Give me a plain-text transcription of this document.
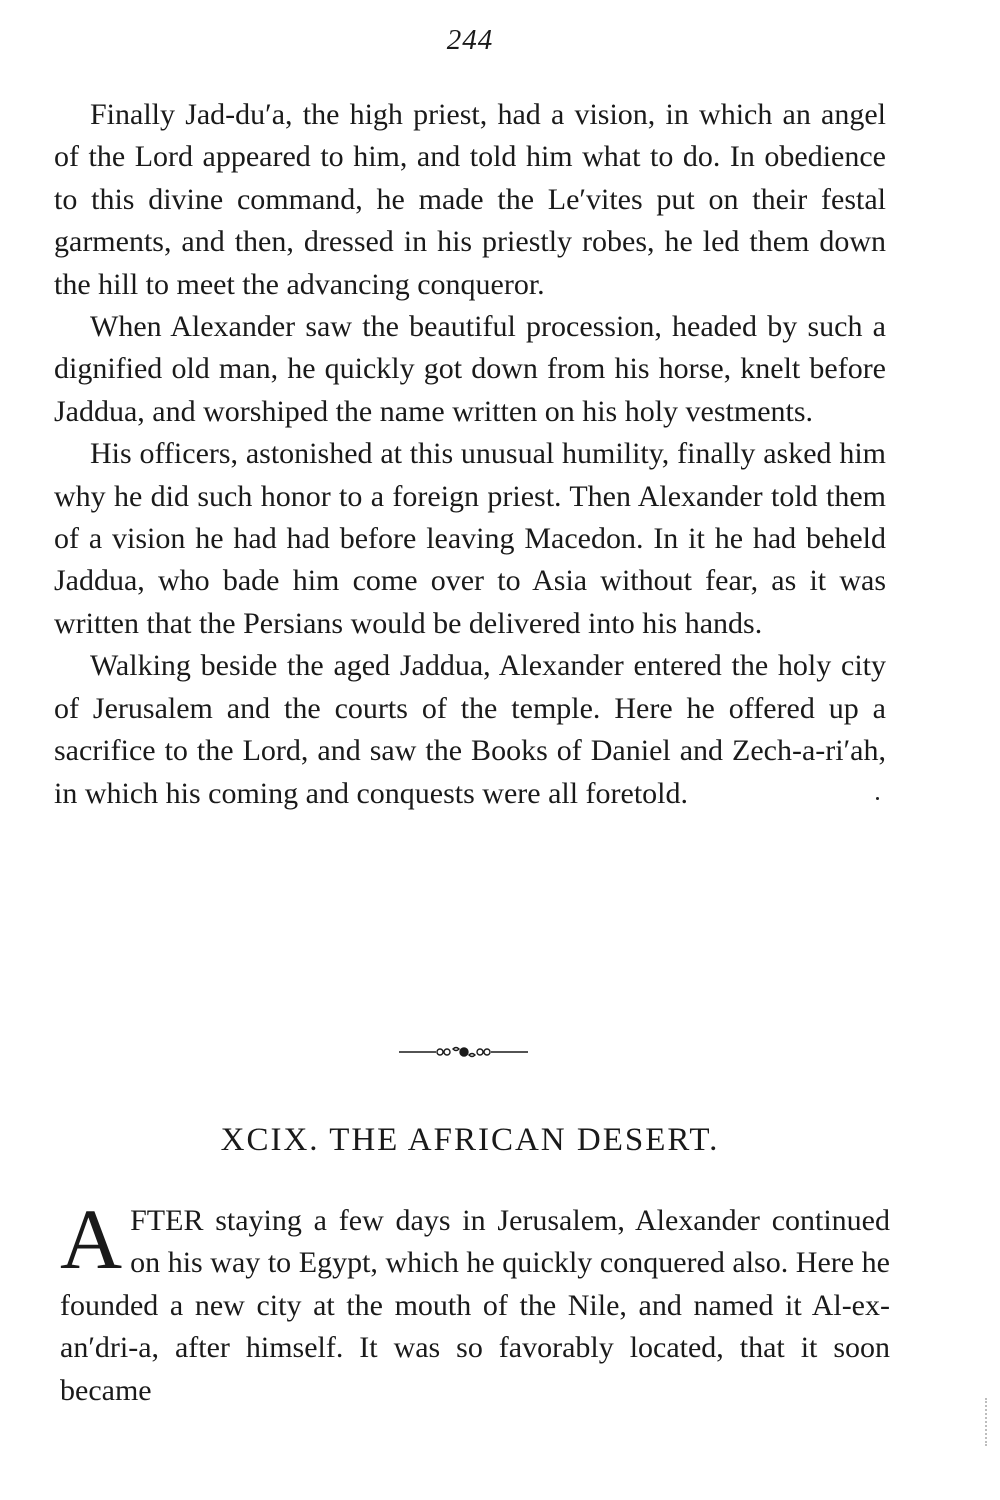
244

Finally Jad-du′a, the high priest, had a vision, in which an angel of the Lord appeared to him, and told him what to do. In obedience to this divine command, he made the Le′vites put on their festal garments, and then, dressed in his priestly robes, he led them down the hill to meet the advancing conqueror.

When Alexander saw the beautiful procession, headed by such a dignified old man, he quickly got down from his horse, knelt before Jaddua, and worshiped the name written on his holy vestments.

His officers, astonished at this unusual humility, finally asked him why he did such honor to a foreign priest. Then Alexander told them of a vision he had had before leaving Macedon. In it he had beheld Jaddua, who bade him come over to Asia without fear, as it was written that the Persians would be delivered into his hands.

Walking beside the aged Jaddua, Alexander entered the holy city of Jerusalem and the courts of the temple. Here he offered up a sacrifice to the Lord, and saw the Books of Daniel and Zech-a-ri′ah, in which his coming and conquests were all foretold.

XCIX. THE AFRICAN DESERT.

AFTER staying a few days in Jerusalem, Alexander continued on his way to Egypt, which he quickly conquered also. Here he founded a new city at the mouth of the Nile, and named it Al-ex-an′dri-a, after himself. It was so favorably located, that it soon became
